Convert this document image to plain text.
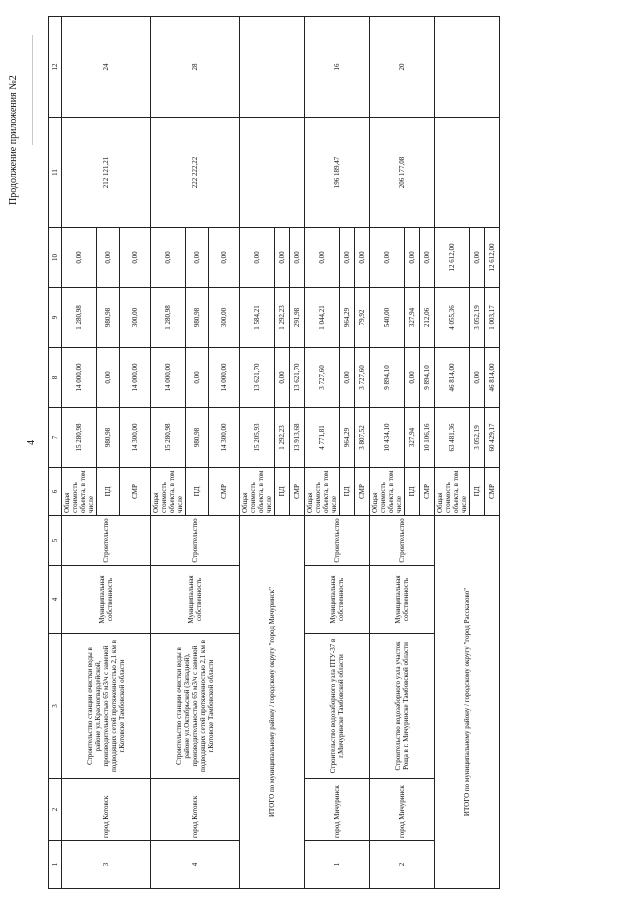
4
Продолжение приложения №2
1	2	3	4	5	6	7	8	9	10	11	12
3	город Котовск	Строительство станции очистки воды в районе ул.Красногвардейской, производительностью 65 м3/ч с заменой подводящих сетей протяженностью 2,1 км в г.Котовске Тамбовской области	Муниципальная собственность	Строительство	Общая стоимость объекта, в том числе	15 280,98	14 000,00	1 280,98	0,00	212 121,21	24
					ПД	980,98	0,00	980,98	0,00		
					СМР	14 300,00	14 000,00	300,00	0,00		
4	город Котовск	Строительство станции очистки воды в районе ул.Октябрьской (Западной), производительностью 65 м3/ч с заменой подводящих сетей протяженностью 2,1 км в г.Котовске Тамбовской области	Муниципальная собственность	Строительство	Общая стоимость объекта, в том числе	15 280,98	14 000,00	1 280,98	0,00	222 222,22	28
					ПД	980,98	0,00	980,98	0,00		
					СМР	14 300,00	14 000,00	300,00	0,00		
ИТОГО по муниципальному району / городскому округу "город Мичуринск"					Общая стоимость объекта, в том числе	15 205,93	13 621,70	1 584,21	0,00		
					ПД	1 292,23	0,00	1 292,23	0,00		
					СМР	13 913,68	13 621,70	291,98	0,00		
1	город Мичуринск	Строительство водозаборного узла ПТУ-37 в г.Мичуринске Тамбовской области	Муниципальная собственность	Строительство	Общая стоимость объекта, в том числе	4 771,81	3 727,60	1 044,21	0,00	196 189,47	16
					ПД	964,29	0,00	964,29	0,00		
					СМР	3 807,52	3 727,60	79,92	0,00		
2	город Мичуринск	Строительство водозаборного узла участок Роща в г. Мичуринске Тамбовской области	Муниципальная собственность	Строительство	Общая стоимость объекта, в том числе	10 434,10	9 894,10	540,00	0,00	206 177,08	20
					ПД	327,94	0,00	327,94	0,00		
					СМР	10 106,16	9 894,10	212,06	0,00		
ИТОГО по муниципальному району / городскому округу "город Рассказово"					Общая стоимость объекта, в том числе	63 481,36	46 814,00	4 055,36	12 612,00		
					ПД	3 052,19	0,00	3 052,19	0,00		
					СМР	60 429,17	46 814,00	1 003,17	12 612,00		
